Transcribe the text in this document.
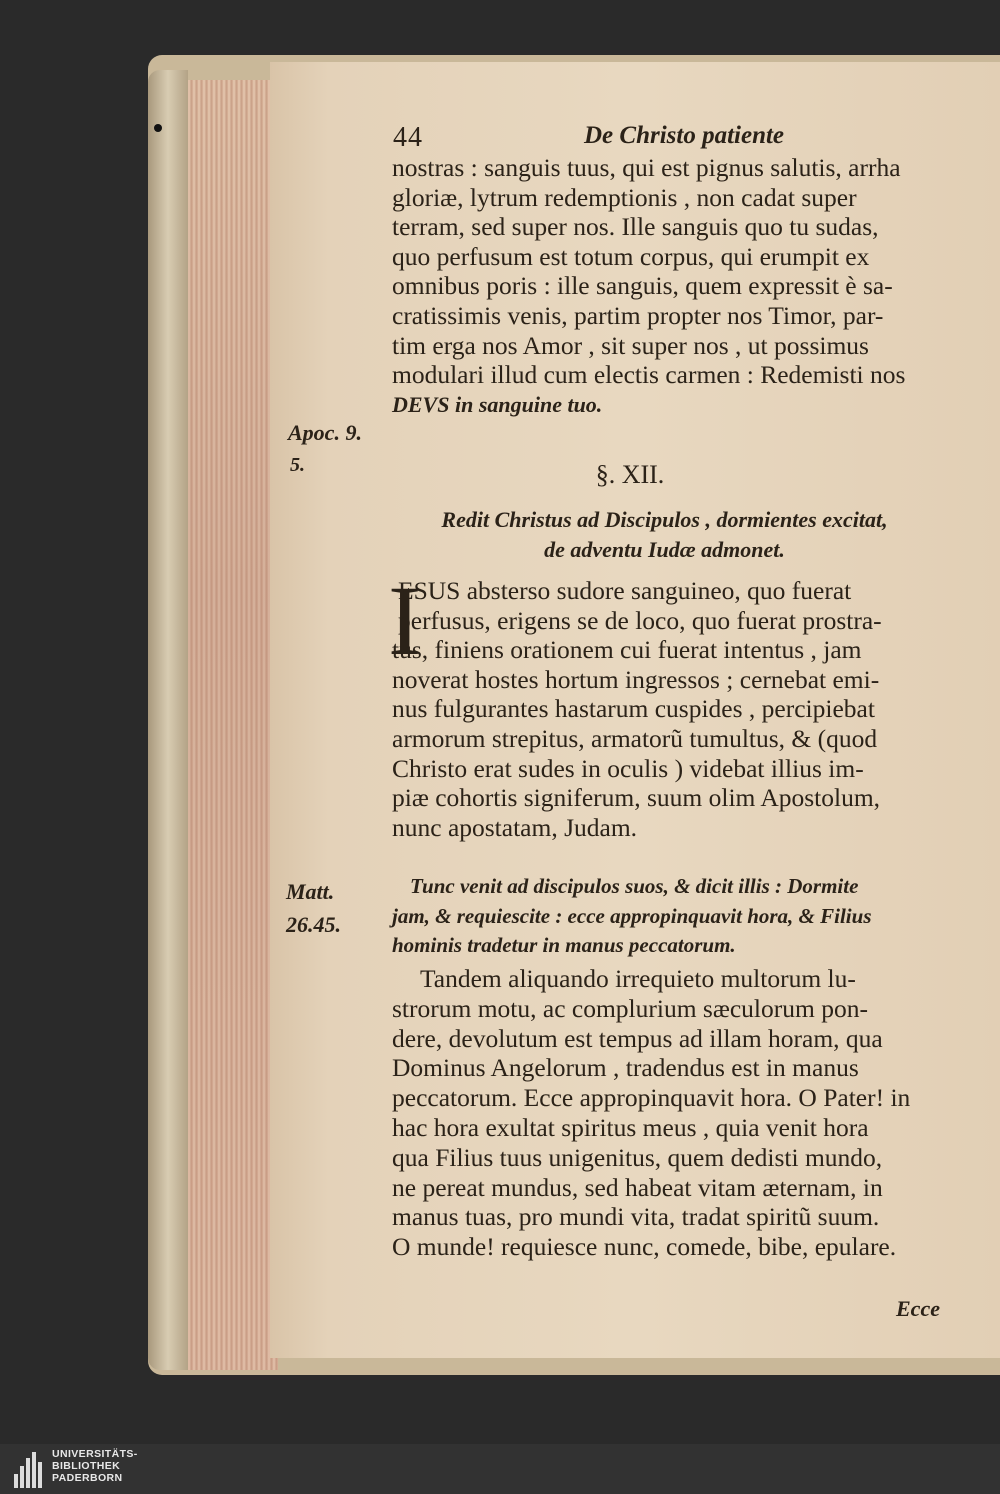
44	De Christo patiente
nostras : sanguis tuus, qui est pignus salutis, arrha
gloriæ, lytrum redemptionis , non cadat super
terram, sed super nos. Ille sanguis quo tu sudas,
quo perfusum est totum corpus, qui erumpit ex
omnibus poris : ille sanguis, quem expressit è sa-
cratissimis venis, partim propter nos Timor, par-
tim erga nos Amor , sit super nos , ut possimus
modulari illud cum electis carmen : Redemisti nos
DEVS in sanguine tuo.
Apoc. 9.
5.	§. XII.
Redit Christus ad Discipulos , dormientes excitat,
de adventu Iudæ admonet.
I
ESUS absterso sudore sanguineo, quo fuerat
perfusus, erigens se de loco, quo fuerat prostra-
tus, finiens orationem cui fuerat intentus , jam
noverat hostes hortum ingressos ; cernebat emi-
nus fulgurantes hastarum cuspides , percipiebat
armorum strepitus, armatorũ tumultus, & (quod
Christo erat sudes in oculis ) videbat illius im-
piæ cohortis signiferum, suum olim Apostolum,
nunc apostatam, Judam.
Matt.
26.45.
Tunc venit ad discipulos suos, & dicit illis : Dormite
jam, & requiescite : ecce appropinquavit hora, & Filius
hominis tradetur in manus peccatorum.
Tandem aliquando irrequieto multorum lu-
strorum motu, ac complurium sæculorum pon-
dere, devolutum est tempus ad illam horam, qua
Dominus Angelorum , tradendus est in manus
peccatorum. Ecce appropinquavit hora. O Pater! in
hac hora exultat spiritus meus , quia venit hora
qua Filius tuus unigenitus, quem dedisti mundo,
ne pereat mundus, sed habeat vitam æternam, in
manus tuas, pro mundi vita, tradat spiritũ suum.
O munde! requiesce nunc, comede, bibe, epulare.
Ecce
UNIVERSITÄTS-
BIBLIOTHEK
PADERBORN
